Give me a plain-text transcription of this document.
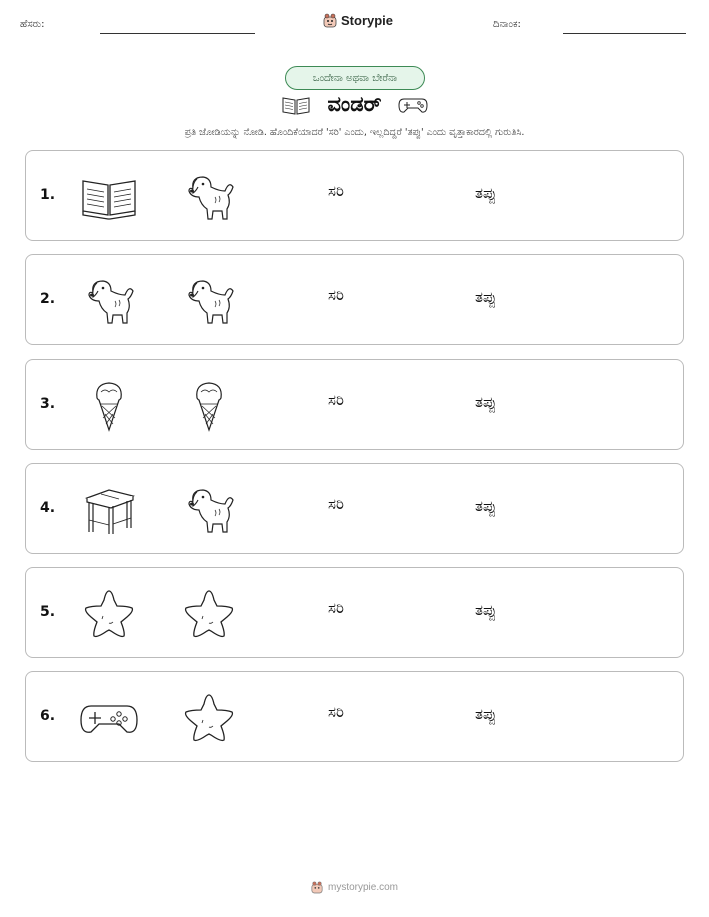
ಹೆಸರು:	Storypie	ದಿನಾಂಕ:
ಒಂದೇನಾ ಅಥವಾ ಬೇರೆನಾ
ವಂಡರ್
ಪ್ರತಿ ಜೋಡಿಯನ್ನು ನೋಡಿ. ಹೊಂದಿಕೆಯಾದರೆ 'ಸರಿ' ಎಂದು, ಇಲ್ಲದಿದ್ದರೆ 'ತಪ್ಪು' ಎಂದು ವೃತ್ತಾಕಾರದಲ್ಲಿ ಗುರುತಿಸಿ.
1.	ಸರಿ	ತಪ್ಪು
2.	ಸರಿ	ತಪ್ಪು
3.	ಸರಿ	ತಪ್ಪು
4.	ಸರಿ	ತಪ್ಪು
5.	ಸರಿ	ತಪ್ಪು
6.	ಸರಿ	ತಪ್ಪು
mystorypie.com
